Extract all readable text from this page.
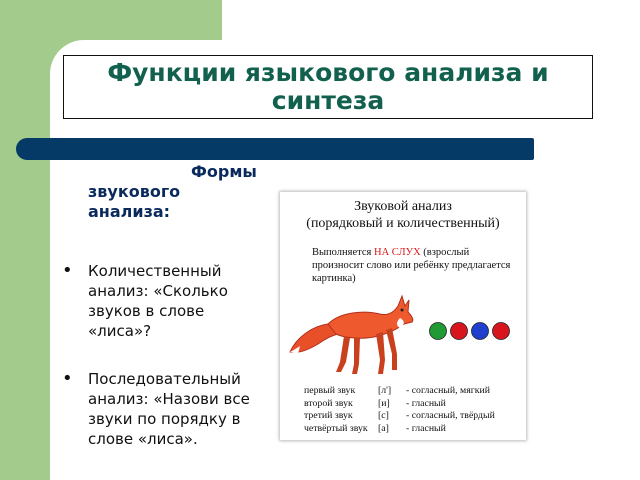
Функции языкового анализа и
синтеза
Формы
звукового
анализа:
• Количественный анализ: «Сколько звуков в слове «лиса»?
• Последовательный анализ: «Назови все звуки по порядку в слове «лиса».
Звуковой анализ
(порядковый и количественный)
Выполняется НА СЛУХ (взрослый произносит слово или ребёнку предлагается картинка)
первый звук [л'] - согласный, мягкий
второй звук	[и] - гласный
третий звук	[с] - согласный, твёрдый
четвёртый звук [а] - гласный
